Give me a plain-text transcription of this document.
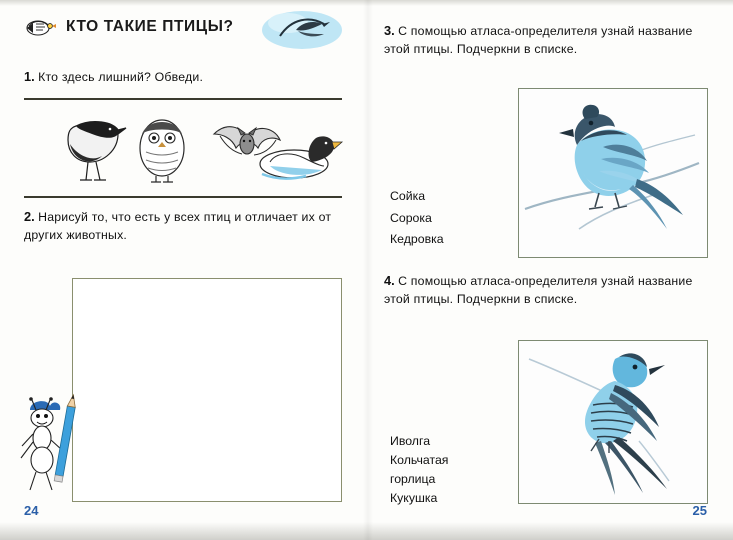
КТО ТАКИЕ ПТИЦЫ?
1. Кто здесь лишний? Обведи.
2. Нарисуй то, что есть у всех птиц и отличает их от других животных.
24
3. С помощью атласа-определителя узнай название этой птицы. Подчеркни в списке.
Сойка
Сорока
Кедровка
4. С помощью атласа-определителя узнай название этой птицы. Подчеркни в списке.
Иволга
Кольчатая
горлица
Кукушка
25
